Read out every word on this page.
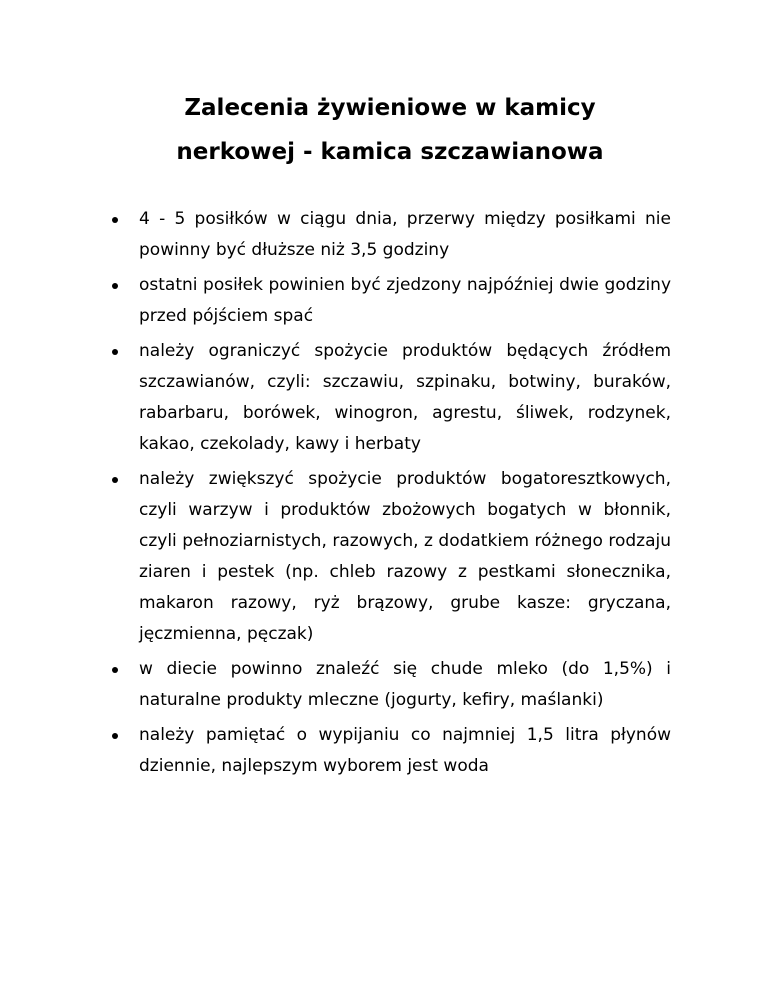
Zalecenia żywieniowe w kamicy
nerkowej - kamica szczawianowa
4 - 5 posiłków w ciągu dnia, przerwy między posiłkami nie powinny być dłuższe niż 3,5 godziny
ostatni posiłek powinien być zjedzony najpóźniej dwie godziny przed pójściem spać
należy ograniczyć spożycie produktów będących źródłem szczawianów, czyli: szczawiu, szpinaku, botwiny, buraków, rabarbaru, borówek, winogron, agrestu, śliwek, rodzynek, kakao, czekolady, kawy i herbaty
należy zwiększyć spożycie produktów bogatoresztkowych, czyli warzyw i produktów zbożowych bogatych w błonnik, czyli pełnoziarnistych, razowych, z dodatkiem różnego rodzaju ziaren i pestek (np. chleb razowy z pestkami słonecznika, makaron razowy, ryż brązowy, grube kasze: gryczana, jęczmienna, pęczak)
w diecie powinno znaleźć się chude mleko (do 1,5%) i naturalne produkty mleczne (jogurty, kefiry, maślanki)
należy pamiętać o wypijaniu co najmniej 1,5 litra płynów dziennie, najlepszym wyborem jest woda
